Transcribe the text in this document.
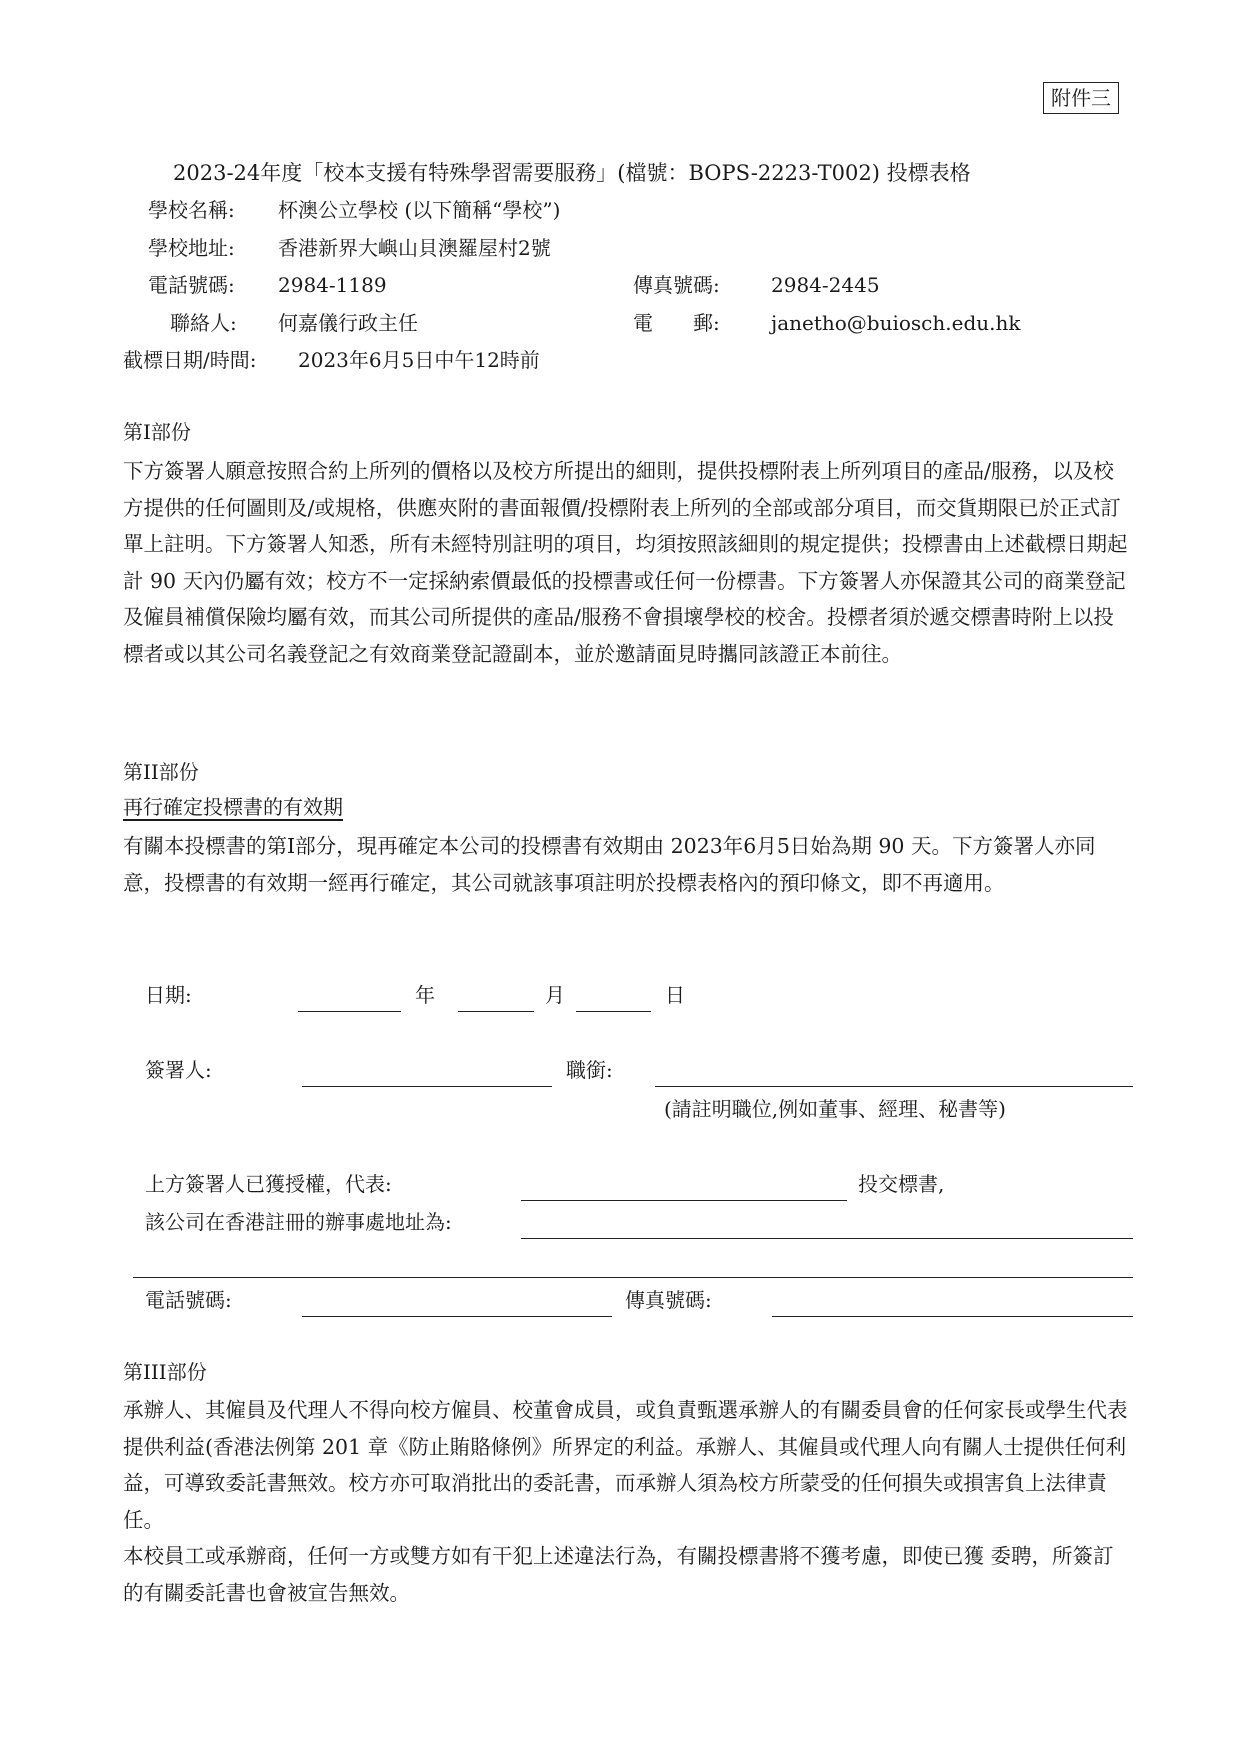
附件三
2023-24年度「校本支援有特殊學習需要服務」(檔號：BOPS-2223-T002) 投標表格
學校名稱: 杯澳公立學校 (以下簡稱“學校”)
學校地址: 香港新界大嶼山貝澳羅屋村2號
電話號碼: 2984-1189	傳真號碼:	2984-2445
聯絡人: 何嘉儀行政主任	電　　郵:	janetho@buiosch.edu.hk
截標日期/時間: 2023年6月5日中午12時前
第I部份
下方簽署人願意按照合約上所列的價格以及校方所提出的細則，提供投標附表上所列項目的產品/服務，以及校方提供的任何圖則及/或規格，供應夾附的書面報價/投標附表上所列的全部或部分項目，而交貨期限已於正式訂單上註明。下方簽署人知悉，所有未經特別註明的項目，均須按照該細則的規定提供；投標書由上述截標日期起計 90 天內仍屬有效；校方不一定採納索價最低的投標書或任何一份標書。下方簽署人亦保證其公司的商業登記及僱員補償保險均屬有效，而其公司所提供的產品/服務不會損壞學校的校舍。投標者須於遞交標書時附上以投標者或以其公司名義登記之有效商業登記證副本，並於邀請面見時攜同該證正本前往。
第II部份
再行確定投標書的有效期
有關本投標書的第I部分，現再確定本公司的投標書有效期由 2023年6月5日始為期 90 天。下方簽署人亦同意，投標書的有效期一經再行確定，其公司就該事項註明於投標表格內的預印條文，即不再適用。
日期:	年	月	日
簽署人:	職銜:
(請註明職位,例如董事、經理、秘書等)
上方簽署人已獲授權，代表:	投交標書,
該公司在香港註冊的辦事處地址為:
電話號碼:	傳真號碼:
第III部份
承辦人、其僱員及代理人不得向校方僱員、校董會成員，或負責甄選承辦人的有關委員會的任何家長或學生代表提供利益(香港法例第 201 章《防止賄賂條例》所界定的利益。承辦人、其僱員或代理人向有關人士提供任何利益，可導致委託書無效。校方亦可取消批出的委託書，而承辦人須為校方所蒙受的任何損失或損害負上法律責任。
本校員工或承辦商，任何一方或雙方如有干犯上述違法行為，有關投標書將不獲考慮，即使已獲 委聘，所簽訂的有關委託書也會被宣告無效。
